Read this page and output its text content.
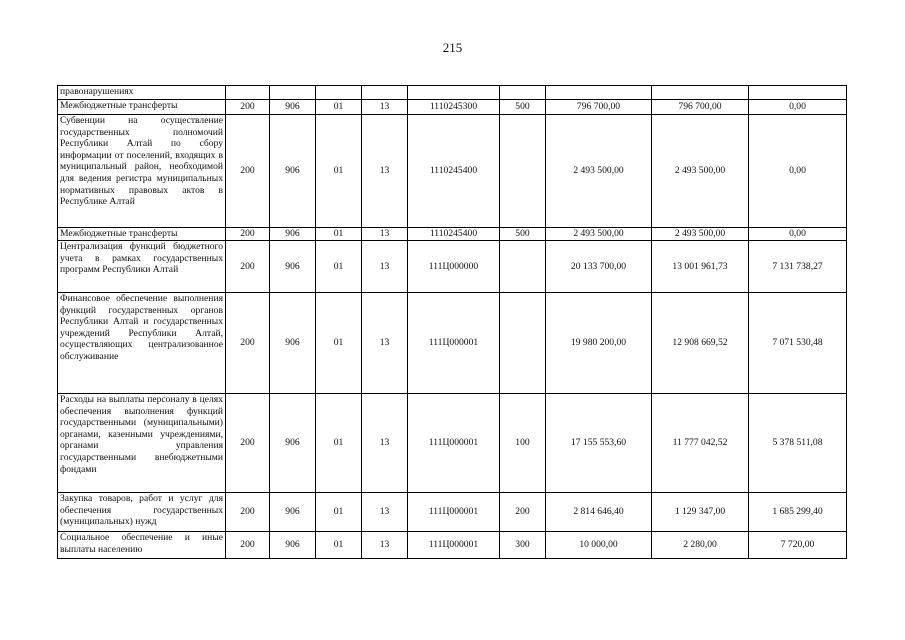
215
правонарушениях									
Межбюджетные трансферты	200	906	01	13	1110245300	500	796 700,00	796 700,00	0,00
Субвенции на осуществление государственных полномочий Республики Алтай по сбору информации от поселений, входящих в муниципальный район, необходимой для ведения регистра муниципальных нормативных правовых актов в Республике Алтай	200	906	01	13	1110245400		2 493 500,00	2 493 500,00	0,00
Межбюджетные трансферты	200	906	01	13	1110245400	500	2 493 500,00	2 493 500,00	0,00
Централизация функций бюджетного учета в рамках государственных программ Республики Алтай	200	906	01	13	111Ц000000		20 133 700,00	13 001 961,73	7 131 738,27
Финансовое обеспечение выполнения функций государственных органов Республики Алтай и государственных учреждений Республики Алтай, осуществляющих централизованное обслуживание	200	906	01	13	111Ц000001		19 980 200,00	12 908 669,52	7 071 530,48
Расходы на выплаты персоналу в целях обеспечения выполнения функций государственными (муниципальными) органами, казенными учреждениями, органами управления государственными внебюджетными фондами	200	906	01	13	111Ц000001	100	17 155 553,60	11 777 042,52	5 378 511,08
Закупка товаров, работ и услуг для обеспечения государственных (муниципальных) нужд	200	906	01	13	111Ц000001	200	2 814 646,40	1 129 347,00	1 685 299,40
Социальное обеспечение и иные выплаты населению	200	906	01	13	111Ц000001	300	10 000,00	2 280,00	7 720,00
